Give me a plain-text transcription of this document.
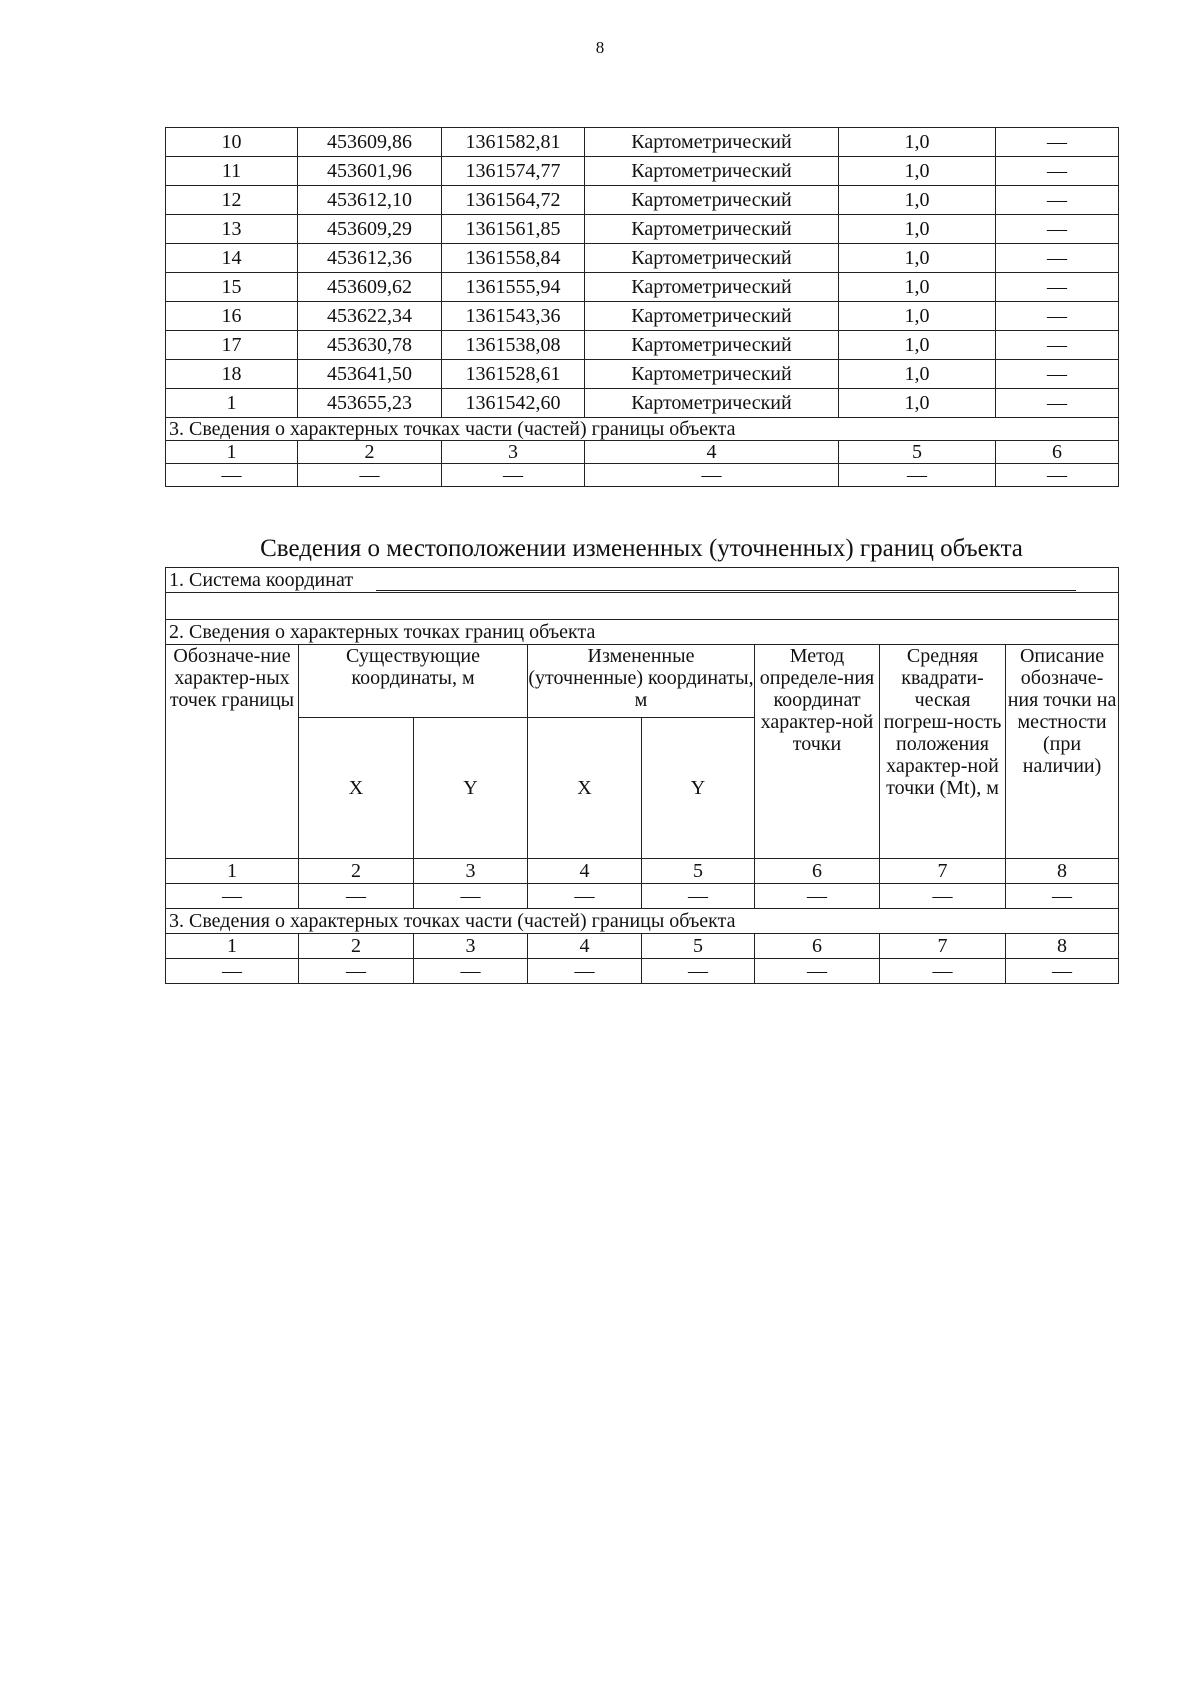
8
10	453609,86	1361582,81	Картометрический	1,0	—
11	453601,96	1361574,77	Картометрический	1,0	—
12	453612,10	1361564,72	Картометрический	1,0	—
13	453609,29	1361561,85	Картометрический	1,0	—
14	453612,36	1361558,84	Картометрический	1,0	—
15	453609,62	1361555,94	Картометрический	1,0	—
16	453622,34	1361543,36	Картометрический	1,0	—
17	453630,78	1361538,08	Картометрический	1,0	—
18	453641,50	1361528,61	Картометрический	1,0	—
1	453655,23	1361542,60	Картометрический	1,0	—
3. Сведения о характерных точках части (частей) границы объекта					
1	2	3	4	5	6
—	—	—	—	—	—
Сведения о местоположении измененных (уточненных) границ объекта
1. Система координат							

2. Сведения о характерных точках границ объекта							
Обозначе-ние характер-ных точек границы	Существующие координаты, м		Измененные (уточненные) координаты, м		Метод определе-ния координат характер-ной точки	Средняя квадрати-ческая погреш-ность положения характер-ной точки (Mt), м	Описание обозначе-ния точки на местности (при наличии)
	X	Y	X	Y			
1	2	3	4	5	6	7	8
—	—	—	—	—	—	—	—
3. Сведения о характерных точках части (частей) границы объекта							
1	2	3	4	5	6	7	8
—	—	—	—	—	—	—	—
